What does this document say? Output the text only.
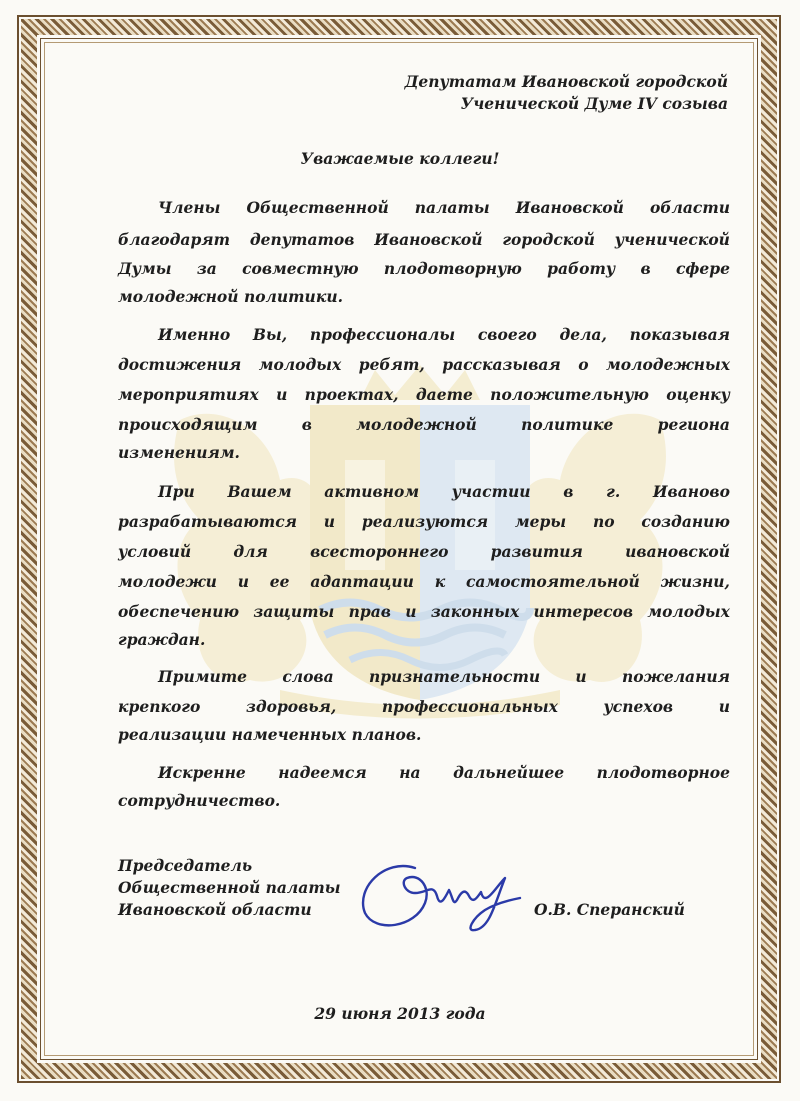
Депутатам Ивановской городской
Ученической Думе IV созыва
Уважаемые коллеги!
Члены Общественной палаты Ивановской области
благодарят депутатов Ивановской городской ученической
Думы за совместную плодотворную работу в сфере
молодежной политики.
Именно Вы, профессионалы своего дела, показывая
достижения молодых ребят, рассказывая о молодежных
мероприятиях и проектах, даете положительную оценку
происходящим	в	молодежной	политике	региона
изменениям.
При Вашем активном участии в г. Иваново
разрабатываются и реализуются меры по созданию
условий	для	всестороннего	развития	ивановской
молодежи и ее адаптации к самостоятельной жизни,
обеспечению защиты прав и законных интересов молодых
граждан.
Примите слова признательности и пожелания
крепкого	здоровья,	профессиональных	успехов	и
реализации намеченных планов.
Искренне надеемся на дальнейшее плодотворное
сотрудничество.
Председатель
Общественной палаты
Ивановской области	О.В. Сперанский
29 июня 2013 года
